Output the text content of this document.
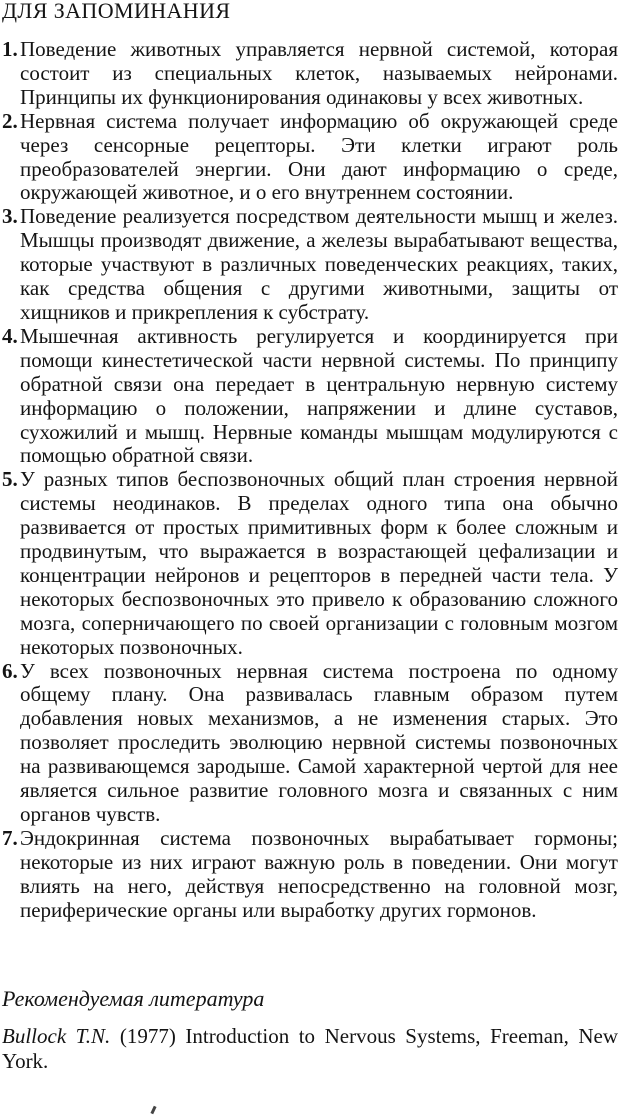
ДЛЯ ЗАПОМИНАНИЯ
1. Поведение животных управляется нервной системой, которая состоит из специальных клеток, называемых нейронами. Принципы их функционирования одинаковы у всех животных.
2. Нервная система получает информацию об окружающей среде через сенсорные рецепторы. Эти клетки играют роль преобразователей энергии. Они дают информацию о среде, окружающей животное, и о его внутреннем состоянии.
3. Поведение реализуется посредством деятельности мышц и желез. Мышцы производят движение, а железы вырабатывают вещества, которые участвуют в различных поведенческих реакциях, таких, как средства общения с другими животными, защиты от хищников и прикрепления к субстрату.
4. Мышечная активность регулируется и координируется при помощи кинестетической части нервной системы. По принципу обратной связи она передает в центральную нервную систему информацию о положении, напряжении и длине суставов, сухожилий и мышц. Нервные команды мышцам модулируются с помощью обратной связи.
5. У разных типов беспозвоночных общий план строения нервной системы неодинаков. В пределах одного типа она обычно развивается от простых примитивных форм к более сложным и продвинутым, что выражается в возрастающей цефализации и концентрации нейронов и рецепторов в передней части тела. У некоторых беспозвоночных это привело к образованию сложного мозга, соперничающего по своей организации с головным мозгом некоторых позвоночных.
6. У всех позвоночных нервная система построена по одному общему плану. Она развивалась главным образом путем добавления новых механизмов, а не изменения старых. Это позволяет проследить эволюцию нервной системы позвоночных на развивающемся зародыше. Самой характерной чертой для нее является сильное развитие головного мозга и связанных с ним органов чувств.
7. Эндокринная система позвоночных вырабатывает гормоны; некоторые из них играют важную роль в поведении. Они могут влиять на него, действуя непосредственно на головной мозг, периферические органы или выработку других гормонов.
Рекомендуемая литература
Bullock T.N. (1977) Introduction to Nervous Systems, Freeman, New York.
